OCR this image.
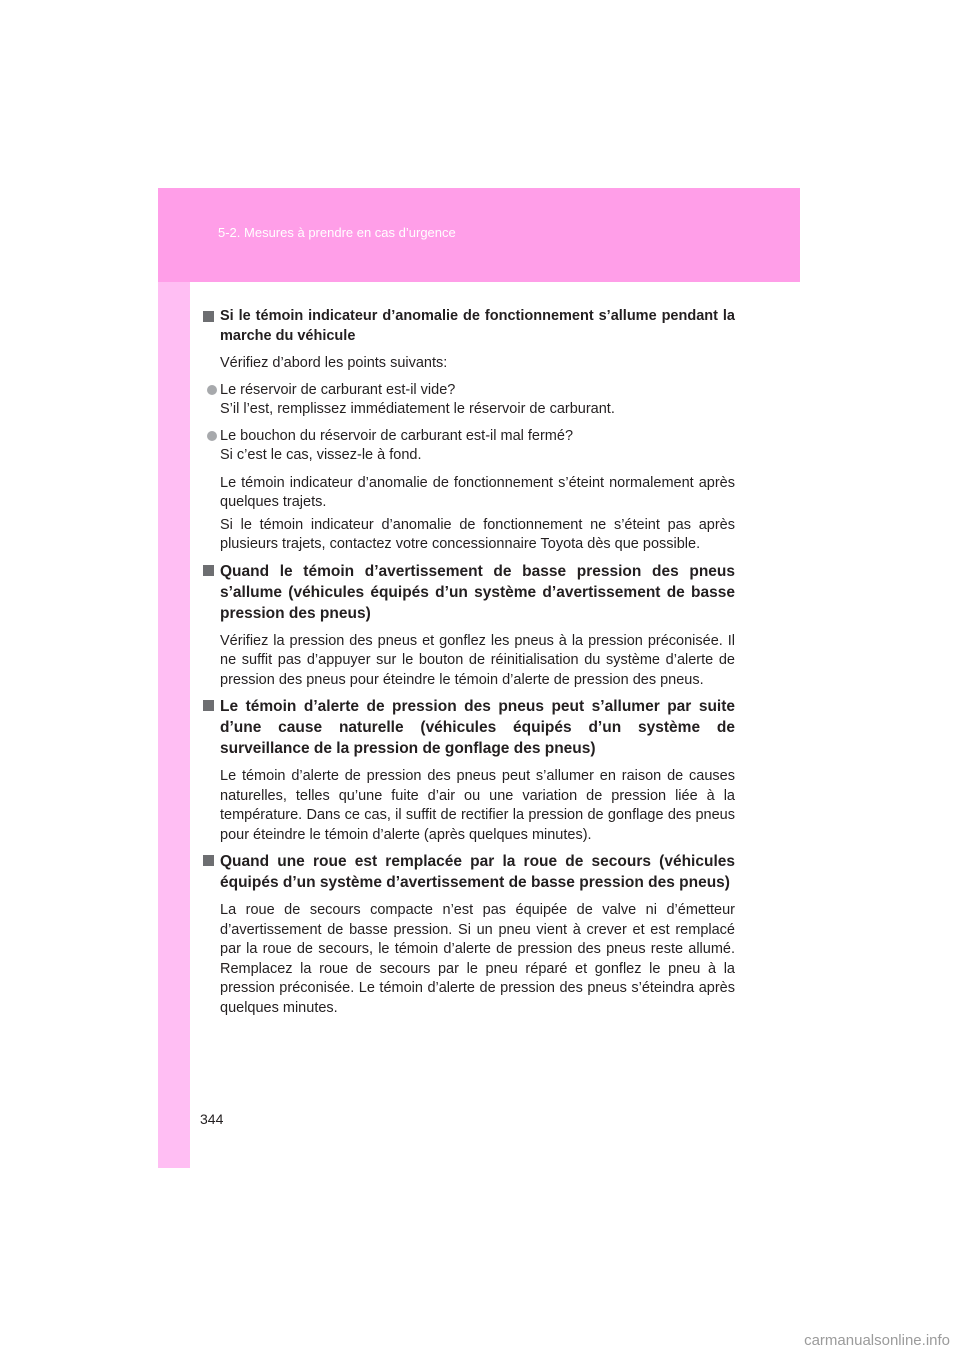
5-2. Mesures à prendre en cas d’urgence
Si le témoin indicateur d’anomalie de fonctionnement s’allume pendant la marche du véhicule
Vérifiez d’abord les points suivants:
Le réservoir de carburant est-il vide?
S’il l’est, remplissez immédiatement le réservoir de carburant.
Le bouchon du réservoir de carburant est-il mal fermé?
Si c’est le cas, vissez-le à fond.
Le témoin indicateur d’anomalie de fonctionnement s’éteint normalement après quelques trajets.
Si le témoin indicateur d’anomalie de fonctionnement ne s’éteint pas après plusieurs trajets, contactez votre concessionnaire Toyota dès que possible.
Quand le témoin d’avertissement de basse pression des pneus s’allume (véhicules équipés d’un système d’avertissement de basse pression des pneus)
Vérifiez la pression des pneus et gonflez les pneus à la pression préconisée. Il ne suffit pas d’appuyer sur le bouton de réinitialisation du système d’alerte de pression des pneus pour éteindre le témoin d’alerte de pression des pneus.
Le témoin d’alerte de pression des pneus peut s’allumer par suite d’une cause naturelle (véhicules équipés d’un système de surveillance de la pression de gonflage des pneus)
Le témoin d’alerte de pression des pneus peut s’allumer en raison de causes naturelles, telles qu’une fuite d’air ou une variation de pression liée à la température. Dans ce cas, il suffit de rectifier la pression de gonflage des pneus pour éteindre le témoin d’alerte (après quelques minutes).
Quand une roue est remplacée par la roue de secours (véhicules équipés d’un système d’avertissement de basse pression des pneus)
La roue de secours compacte n’est pas équipée de valve ni d’émetteur d’avertissement de basse pression. Si un pneu vient à crever et est remplacé par la roue de secours, le témoin d’alerte de pression des pneus reste allumé. Remplacez la roue de secours par le pneu réparé et gonflez le pneu à la pression préconisée. Le témoin d’alerte de pression des pneus s’éteindra après quelques minutes.
344
carmanualsonline.info
